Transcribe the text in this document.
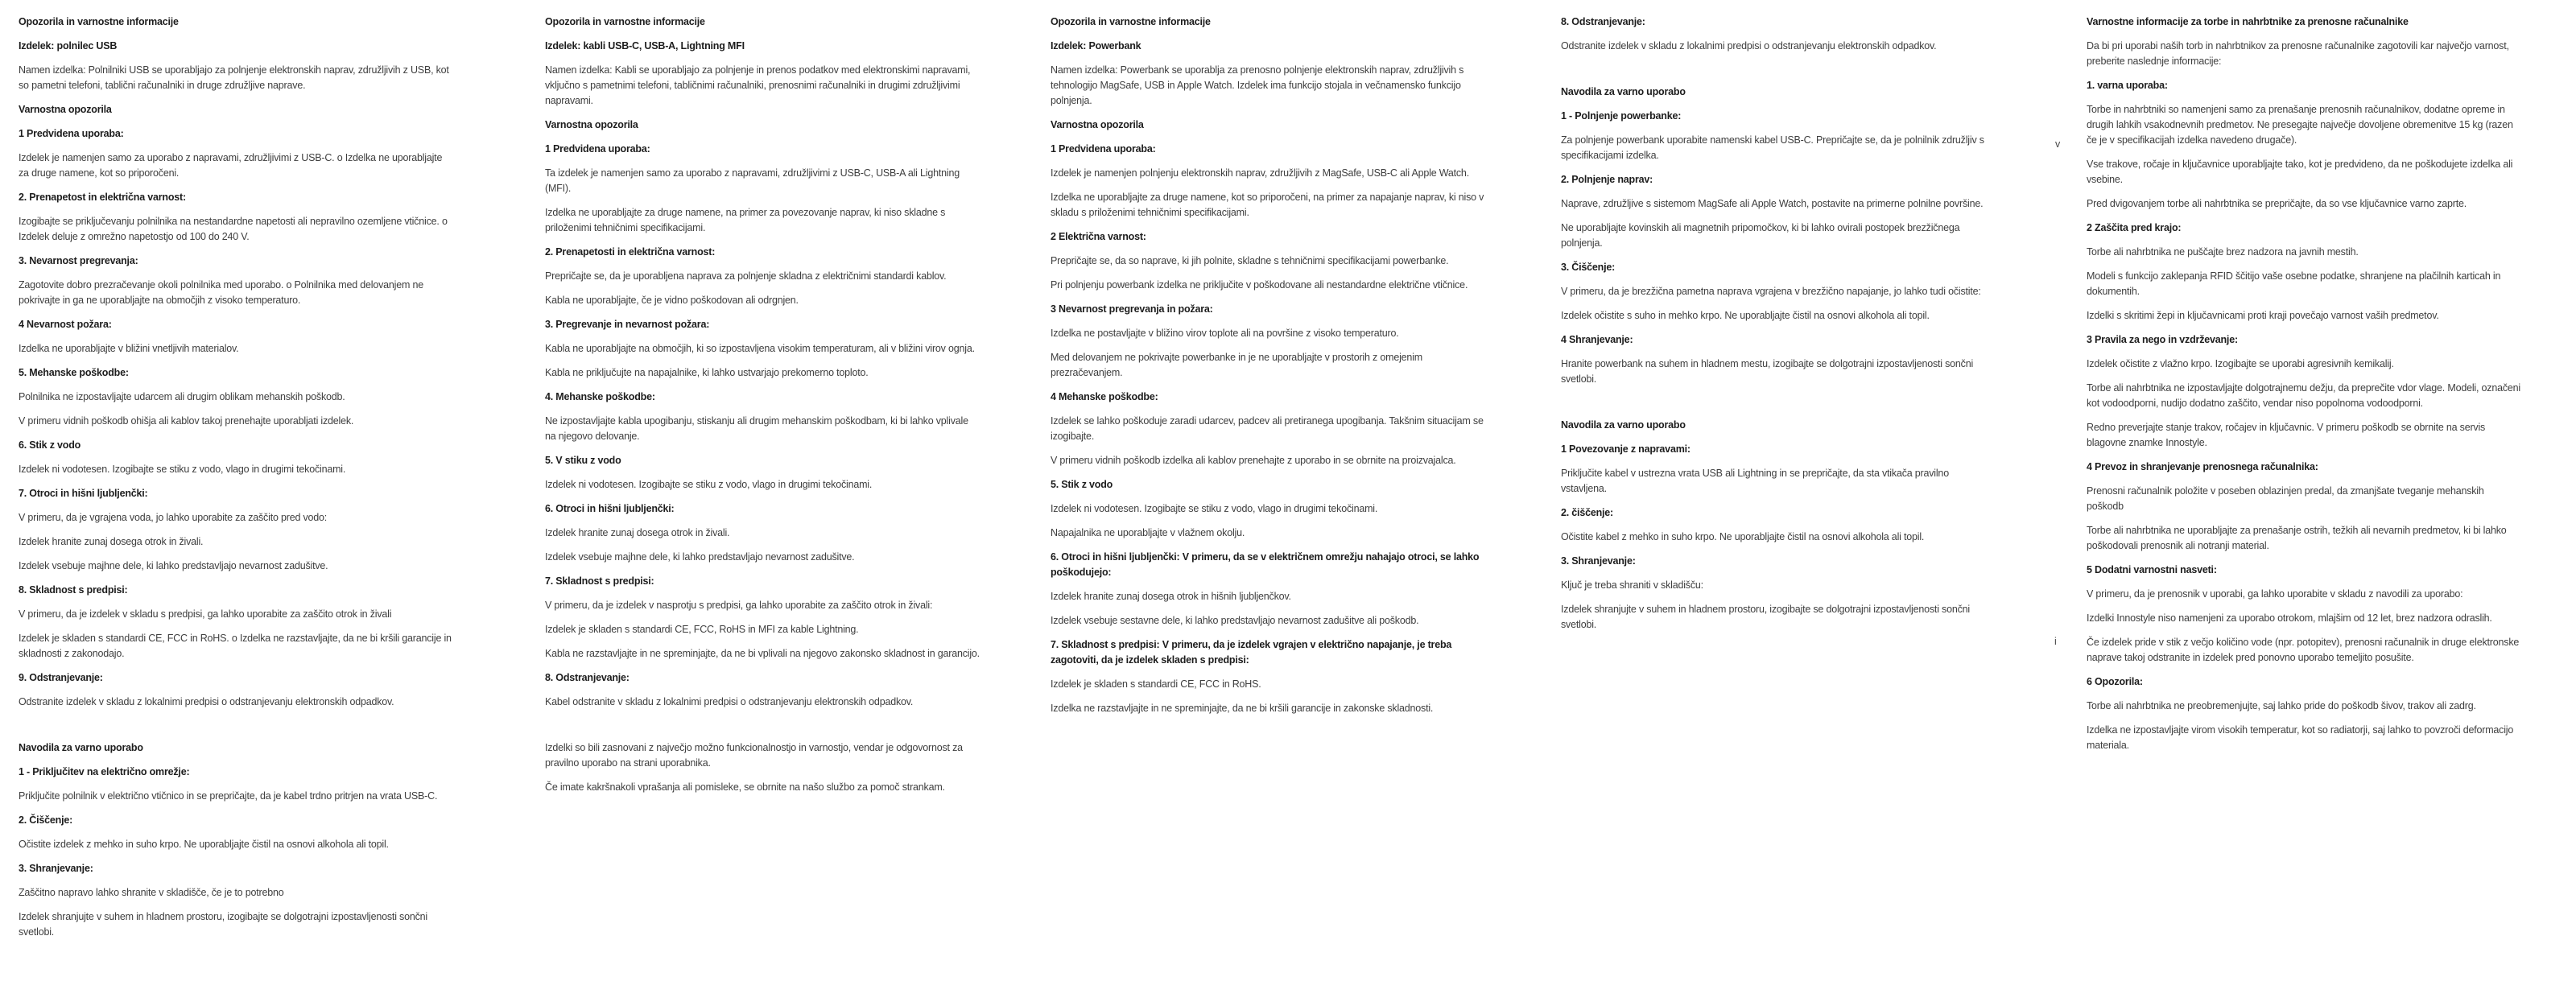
Opozorila in varnostne informacije
Izdelek: polnilec USB
Namen izdelka: Polnilniki USB se uporabljajo za polnjenje elektronskih naprav, združljivih z USB, kot so pametni telefoni, tablični računalniki in druge združljive naprave.
Varnostna opozorila
1 Predvidena uporaba:
Izdelek je namenjen samo za uporabo z napravami, združljivimi z USB-C. o Izdelka ne uporabljajte za druge namene, kot so priporočeni.
2. Prenapetost in električna varnost:
Izogibajte se priključevanju polnilnika na nestandardne napetosti ali nepravilno ozemljene vtičnice. o Izdelek deluje z omrežno napetostjo od 100 do 240 V.
3. Nevarnost pregrevanja:
Zagotovite dobro prezračevanje okoli polnilnika med uporabo. o Polnilnika med delovanjem ne pokrivajte in ga ne uporabljajte na območjih z visoko temperaturo.
4 Nevarnost požara:
Izdelka ne uporabljajte v bližini vnetljivih materialov.
5. Mehanske poškodbe:
Polnilnika ne izpostavljajte udarcem ali drugim oblikam mehanskih poškodb.
V primeru vidnih poškodb ohišja ali kablov takoj prenehajte uporabljati izdelek.
6. Stik z vodo
Izdelek ni vodotesen. Izogibajte se stiku z vodo, vlago in drugimi tekočinami.
7. Otroci in hišni ljubljenčki:
V primeru, da je vgrajena voda, jo lahko uporabite za zaščito pred vodo:
Izdelek hranite zunaj dosega otrok in živali.
Izdelek vsebuje majhne dele, ki lahko predstavljajo nevarnost zadušitve.
8. Skladnost s predpisi:
V primeru, da je izdelek v skladu s predpisi, ga lahko uporabite za zaščito otrok in živali
Izdelek je skladen s standardi CE, FCC in RoHS. o Izdelka ne razstavljajte, da ne bi kršili garancije in skladnosti z zakonodajo.
9. Odstranjevanje:
Odstranite izdelek v skladu z lokalnimi predpisi o odstranjevanju elektronskih odpadkov.
Navodila za varno uporabo
1 - Priključitev na električno omrežje:
Priključite polnilnik v električno vtičnico in se prepričajte, da je kabel trdno pritrjen na vrata USB-C.
2. Čiščenje:
Očistite izdelek z mehko in suho krpo. Ne uporabljajte čistil na osnovi alkohola ali topil.
3. Shranjevanje:
Zaščitno napravo lahko shranite v skladišče, če je to potrebno
Izdelek shranjujte v suhem in hladnem prostoru, izogibajte se dolgotrajni izpostavljenosti sončni svetlobi.
Opozorila in varnostne informacije
Izdelek: kabli USB-C, USB-A, Lightning MFI
Namen izdelka: Kabli se uporabljajo za polnjenje in prenos podatkov med elektronskimi napravami, vključno s pametnimi telefoni, tabličnimi računalniki, prenosnimi računalniki in drugimi združljivimi napravami.
Varnostna opozorila
1 Predvidena uporaba:
Ta izdelek je namenjen samo za uporabo z napravami, združljivimi z USB-C, USB-A ali Lightning (MFI).
Izdelka ne uporabljajte za druge namene, na primer za povezovanje naprav, ki niso skladne s priloženimi tehničnimi specifikacijami.
2. Prenapetosti in električna varnost:
Prepričajte se, da je uporabljena naprava za polnjenje skladna z električnimi standardi kablov.
Kabla ne uporabljajte, če je vidno poškodovan ali odrgnjen.
3. Pregrevanje in nevarnost požara:
Kabla ne uporabljajte na območjih, ki so izpostavljena visokim temperaturam, ali v bližini virov ognja.
Kabla ne priključujte na napajalnike, ki lahko ustvarjajo prekomerno toploto.
4. Mehanske poškodbe:
Ne izpostavljajte kabla upogibanju, stiskanju ali drugim mehanskim poškodbam, ki bi lahko vplivale na njegovo delovanje.
5. V stiku z vodo
Izdelek ni vodotesen. Izogibajte se stiku z vodo, vlago in drugimi tekočinami.
6. Otroci in hišni ljubljenčki:
Izdelek hranite zunaj dosega otrok in živali.
Izdelek vsebuje majhne dele, ki lahko predstavljajo nevarnost zadušitve.
7. Skladnost s predpisi:
V primeru, da je izdelek v nasprotju s predpisi, ga lahko uporabite za zaščito otrok in živali:
Izdelek je skladen s standardi CE, FCC, RoHS in MFI za kable Lightning.
Kabla ne razstavljajte in ne spreminjajte, da ne bi vplivali na njegovo zakonsko skladnost in garancijo.
8. Odstranjevanje:
Kabel odstranite v skladu z lokalnimi predpisi o odstranjevanju elektronskih odpadkov.
Izdelki so bili zasnovani z največjo možno funkcionalnostjo in varnostjo, vendar je odgovornost za pravilno uporabo na strani uporabnika.
Če imate kakršnakoli vprašanja ali pomisleke, se obrnite na našo službo za pomoč strankam.
Opozorila in varnostne informacije
Izdelek: Powerbank
Namen izdelka: Powerbank se uporablja za prenosno polnjenje elektronskih naprav, združljivih s tehnologijo MagSafe, USB in Apple Watch. Izdelek ima funkcijo stojala in večnamensko funkcijo polnjenja.
Varnostna opozorila
1 Predvidena uporaba:
Izdelek je namenjen polnjenju elektronskih naprav, združljivih z MagSafe, USB-C ali Apple Watch.
Izdelka ne uporabljajte za druge namene, kot so priporočeni, na primer za napajanje naprav, ki niso v skladu s priloženimi tehničnimi specifikacijami.
2 Električna varnost:
Prepričajte se, da so naprave, ki jih polnite, skladne s tehničnimi specifikacijami powerbanke.
Pri polnjenju powerbank izdelka ne priključite v poškodovane ali nestandardne električne vtičnice.
3 Nevarnost pregrevanja in požara:
Izdelka ne postavljajte v bližino virov toplote ali na površine z visoko temperaturo.
Med delovanjem ne pokrivajte powerbanke in je ne uporabljajte v prostorih z omejenim prezračevanjem.
4 Mehanske poškodbe:
Izdelek se lahko poškoduje zaradi udarcev, padcev ali pretiranega upogibanja. Takšnim situacijam se izogibajte.
V primeru vidnih poškodb izdelka ali kablov prenehajte z uporabo in se obrnite na proizvajalca.
5. Stik z vodo
Izdelek ni vodotesen. Izogibajte se stiku z vodo, vlago in drugimi tekočinami.
Napajalnika ne uporabljajte v vlažnem okolju.
6. Otroci in hišni ljubljenčki: V primeru, da se v električnem omrežju nahajajo otroci, se lahko poškodujejo:
Izdelek hranite zunaj dosega otrok in hišnih ljubljenčkov.
Izdelek vsebuje sestavne dele, ki lahko predstavljajo nevarnost zadušitve ali poškodb.
7. Skladnost s predpisi: V primeru, da je izdelek vgrajen v električno napajanje, je treba zagotoviti, da je izdelek skladen s predpisi:
Izdelek je skladen s standardi CE, FCC in RoHS.
Izdelka ne razstavljajte in ne spreminjajte, da ne bi kršili garancije in zakonske skladnosti.
8. Odstranjevanje:
Odstranite izdelek v skladu z lokalnimi predpisi o odstranjevanju elektronskih odpadkov.
Navodila za varno uporabo
1 - Polnjenje powerbanke:
Za polnjenje powerbank uporabite namenski kabel USB-C. Prepričajte se, da je polnilnik združljiv s specifikacijami izdelka.
2. Polnjenje naprav:
Naprave, združljive s sistemom MagSafe ali Apple Watch, postavite na primerne polnilne površine.
Ne uporabljajte kovinskih ali magnetnih pripomočkov, ki bi lahko ovirali postopek brezžičnega polnjenja.
3. Čiščenje:
V primeru, da je brezžična pametna naprava vgrajena v brezžično napajanje, jo lahko tudi očistite:
Izdelek očistite s suho in mehko krpo. Ne uporabljajte čistil na osnovi alkohola ali topil.
4 Shranjevanje:
Hranite powerbank na suhem in hladnem mestu, izogibajte se dolgotrajni izpostavljenosti sončni svetlobi.
Navodila za varno uporabo
1 Povezovanje z napravami:
Priključite kabel v ustrezna vrata USB ali Lightning in se prepričajte, da sta vtikača pravilno vstavljena.
2. čiščenje:
Očistite kabel z mehko in suho krpo. Ne uporabljajte čistil na osnovi alkohola ali topil.
3. Shranjevanje:
Ključ je treba shraniti v skladišču:
Izdelek shranjujte v suhem in hladnem prostoru, izogibajte se dolgotrajni izpostavljenosti sončni svetlobi.
Varnostne informacije za torbe in nahrbtnike za prenosne računalnike
Da bi pri uporabi naših torb in nahrbtnikov za prenosne računalnike zagotovili kar največjo varnost, preberite naslednje informacije:
1. varna uporaba:
Torbe in nahrbtniki so namenjeni samo za prenašanje prenosnih računalnikov, dodatne opreme in drugih lahkih vsakodnevnih predmetov. Ne presegajte največje dovoljene obremenitve 15 kg (razen če je v specifikacijah izdelka navedeno drugače).
Vse trakove, ročaje in ključavnice uporabljajte tako, kot je predvideno, da ne poškodujete izdelka ali vsebine.
Pred dvigovanjem torbe ali nahrbtnika se prepričajte, da so vse ključavnice varno zaprte.
2 Zaščita pred krajo:
Torbe ali nahrbtnika ne puščajte brez nadzora na javnih mestih.
Modeli s funkcijo zaklepanja RFID ščitijo vaše osebne podatke, shranjene na plačilnih karticah in dokumentih.
Izdelki s skritimi žepi in ključavnicami proti kraji povečajo varnost vaših predmetov.
3 Pravila za nego in vzdrževanje:
Izdelek očistite z vlažno krpo. Izogibajte se uporabi agresivnih kemikalij.
Torbe ali nahrbtnika ne izpostavljajte dolgotrajnemu dežju, da preprečite vdor vlage. Modeli, označeni kot vodoodporni, nudijo dodatno zaščito, vendar niso popolnoma vodoodporni.
Redno preverjajte stanje trakov, ročajev in ključavnic. V primeru poškodb se obrnite na servis blagovne znamke Innostyle.
4 Prevoz in shranjevanje prenosnega računalnika:
Prenosni računalnik položite v poseben oblazinjen predal, da zmanjšate tveganje mehanskih poškodb
Torbe ali nahrbtnika ne uporabljajte za prenašanje ostrih, težkih ali nevarnih predmetov, ki bi lahko poškodovali prenosnik ali notranji material.
5 Dodatni varnostni nasveti:
V primeru, da je prenosnik v uporabi, ga lahko uporabite v skladu z navodili za uporabo:
Izdelki Innostyle niso namenjeni za uporabo otrokom, mlajšim od 12 let, brez nadzora odraslih.
Če izdelek pride v stik z večjo količino vode (npr. potopitev), prenosni računalnik in druge elektronske naprave takoj odstranite in izdelek pred ponovno uporabo temeljito posušite.
6 Opozorila:
Torbe ali nahrbtnika ne preobremenjujte, saj lahko pride do poškodb šivov, trakov ali zadrg.
Izdelka ne izpostavljajte virom visokih temperatur, kot so radiatorji, saj lahko to povzroči deformacijo materiala.
v
i
